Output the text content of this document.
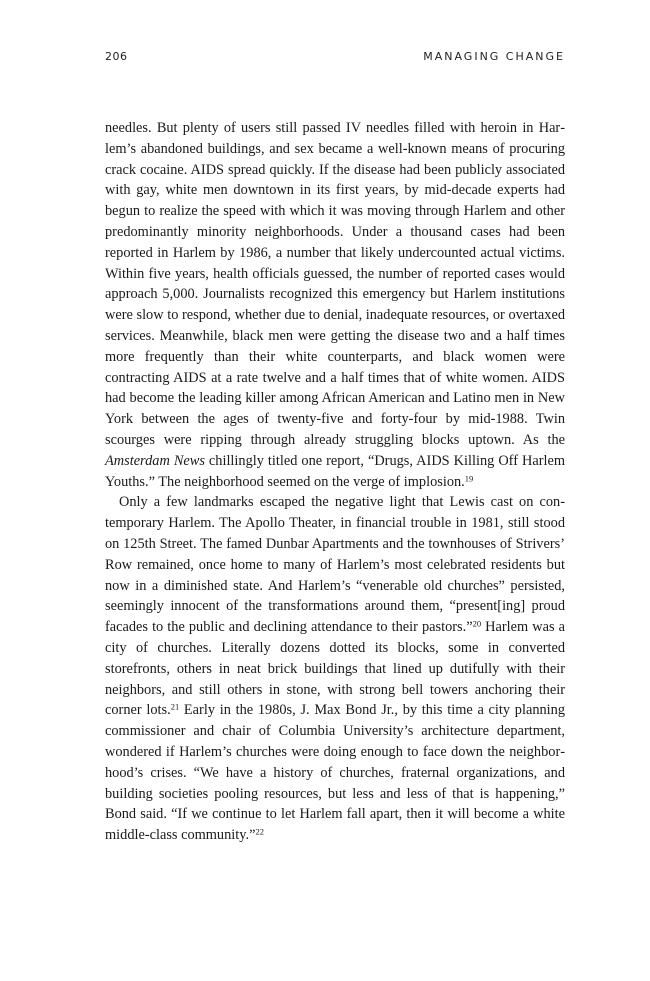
206	MANAGING CHANGE

needles. But plenty of users still passed IV needles filled with heroin in Harlem’s abandoned buildings, and sex became a well-known means of procuring crack cocaine. AIDS spread quickly. If the disease had been publicly associated with gay, white men downtown in its first years, by mid-decade experts had begun to realize the speed with which it was moving through Harlem and other predominantly minority neighborhoods. Under a thousand cases had been reported in Harlem by 1986, a number that likely undercounted actual victims. Within five years, health officials guessed, the number of reported cases would approach 5,000. Journalists recognized this emergency but Harlem institutions were slow to respond, whether due to denial, inadequate resources, or overtaxed services. Meanwhile, black men were getting the disease two and a half times more frequently than their white counterparts, and black women were contracting AIDS at a rate twelve and a half times that of white women. AIDS had become the leading killer among African American and Latino men in New York between the ages of twenty-five and forty-four by mid-1988. Twin scourges were ripping through already struggling blocks uptown. As the Amsterdam News chillingly titled one report, “Drugs, AIDS Killing Off Harlem Youths.” The neighborhood seemed on the verge of implosion.$^{19}$

Only a few landmarks escaped the negative light that Lewis cast on contemporary Harlem. The Apollo Theater, in financial trouble in 1981, still stood on 125th Street. The famed Dunbar Apartments and the townhouses of Strivers’ Row remained, once home to many of Harlem’s most celebrated residents but now in a diminished state. And Harlem’s “venerable old churches” persisted, seemingly innocent of the transformations around them, “present[ing] proud facades to the public and declining attendance to their pastors.”$^{20}$ Harlem was a city of churches. Literally dozens dotted its blocks, some in converted storefronts, others in neat brick buildings that lined up dutifully with their neighbors, and still others in stone, with strong bell towers anchoring their corner lots.$^{21}$ Early in the 1980s, J. Max Bond Jr., by this time a city planning commissioner and chair of Columbia University’s architecture department, wondered if Harlem’s churches were doing enough to face down the neighborhood’s crises. “We have a history of churches, fraternal organizations, and building societies pooling resources, but less and less of that is happening,” Bond said. “If we continue to let Harlem fall apart, then it will become a white middle-class community.”$^{22}$
